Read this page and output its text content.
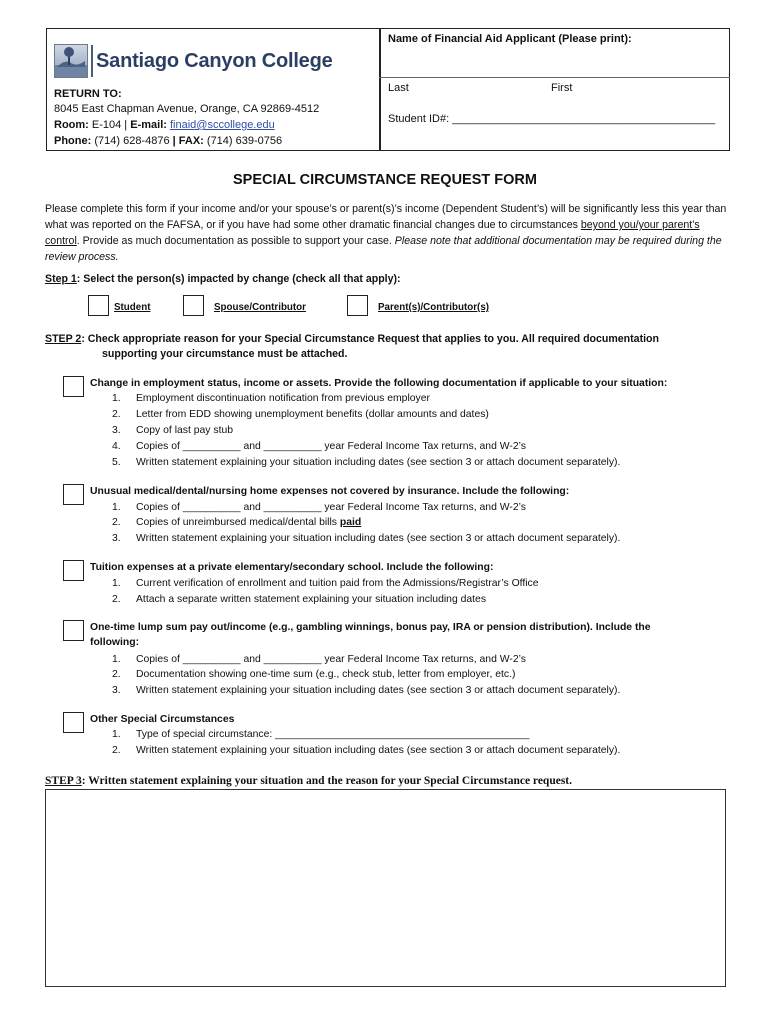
Santiago Canyon College
RETURN TO:
8045 East Chapman Avenue, Orange, CA 92869-4512
Room: E-104 | E-mail: finaid@sccollege.edu
Phone: (714) 628-4876 | FAX: (714) 639-0756
Name of Financial Aid Applicant (Please print):
Last	First
Student ID#: ___________________________________________
SPECIAL CIRCUMSTANCE REQUEST FORM
Please complete this form if your income and/or your spouse’s or parent(s)’s income (Dependent Student’s) will be significantly less this year than what was reported on the FAFSA, or if you have had some other dramatic financial changes due to circumstances beyond you/your parent’s control. Provide as much documentation as possible to support your case. Please note that additional documentation may be required during the review process.
Step 1: Select the person(s) impacted by change (check all that apply):
Student	Spouse/Contributor	Parent(s)/Contributor(s)
STEP 2: Check appropriate reason for your Special Circumstance Request that applies to you. All required documentation
supporting your circumstance must be attached.
Change in employment status, income or assets. Provide the following documentation if applicable to your situation:
1. Employment discontinuation notification from previous employer
2. Letter from EDD showing unemployment benefits (dollar amounts and dates)
3. Copy of last pay stub
4. Copies of __________ and __________ year Federal Income Tax returns, and W-2’s
5. Written statement explaining your situation including dates (see section 3 or attach document separately).
Unusual medical/dental/nursing home expenses not covered by insurance. Include the following:
1. Copies of __________ and __________ year Federal Income Tax returns, and W-2’s
2. Copies of unreimbursed medical/dental bills paid
3. Written statement explaining your situation including dates (see section 3 or attach document separately).
Tuition expenses at a private elementary/secondary school. Include the following:
1. Current verification of enrollment and tuition paid from the Admissions/Registrar’s Office
2. Attach a separate written statement explaining your situation including dates
One-time lump sum pay out/income (e.g., gambling winnings, bonus pay, IRA or pension distribution). Include the following:
1. Copies of __________ and __________ year Federal Income Tax returns, and W-2’s
2. Documentation showing one-time sum (e.g., check stub, letter from employer, etc.)
3. Written statement explaining your situation including dates (see section 3 or attach document separately).
Other Special Circumstances
1. Type of special circumstance: ____________________________________________
2. Written statement explaining your situation including dates (see section 3 or attach document separately).
STEP 3: Written statement explaining your situation and the reason for your Special Circumstance request.
